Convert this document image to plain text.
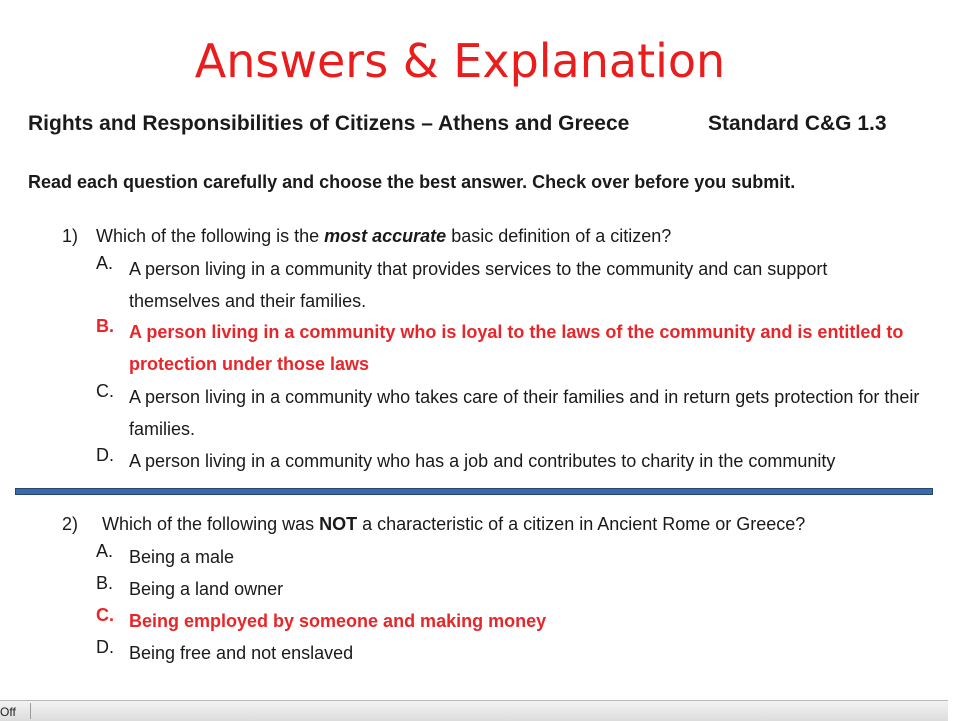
Answers & Explanation
Rights and Responsibilities of Citizens – Athens and Greece	Standard C&G 1.3
Read each question carefully and choose the best answer. Check over before you submit.
1) Which of the following is the most accurate basic definition of a citizen?
A. A person living in a community that provides services to the community and can support themselves and their families.
B. A person living in a community who is loyal to the laws of the community and is entitled to protection under those laws
C. A person living in a community who takes care of their families and in return gets protection for their families.
D. A person living in a community who has a job and contributes to charity in the community
2) Which of the following was NOT a characteristic of a citizen in Ancient Rome or Greece?
A. Being a male
B. Being a land owner
C. Being employed by someone and making money
D. Being free and not enslaved
Off
